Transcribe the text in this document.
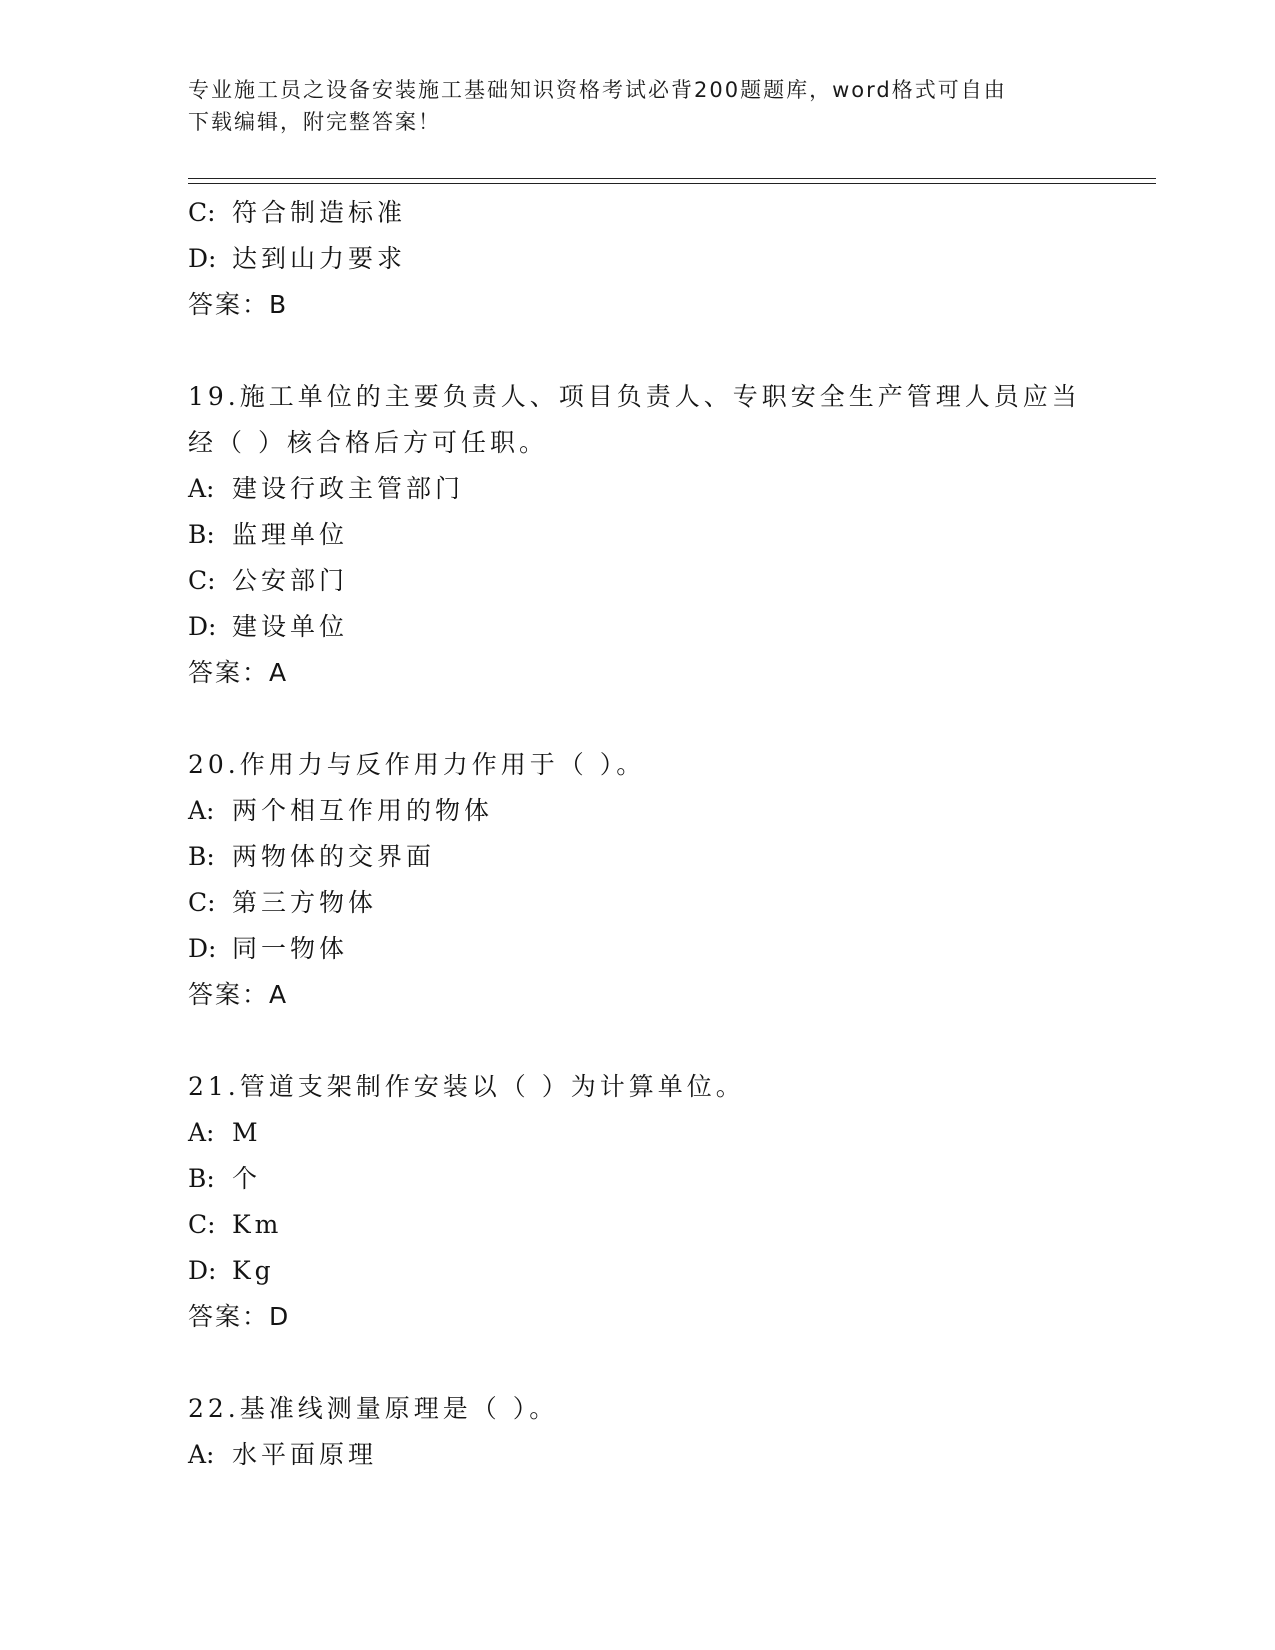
专业施工员之设备安装施工基础知识资格考试必背200题题库，word格式可自由
下载编辑，附完整答案！
C: 符合制造标准
D: 达到山力要求
答案：B
19.施工单位的主要负责人、项目负责人、专职安全生产管理人员应当
经（ ）核合格后方可任职。
A: 建设行政主管部门
B: 监理单位
C: 公安部门
D: 建设单位
答案：A
20.作用力与反作用力作用于（ ）。
A: 两个相互作用的物体
B: 两物体的交界面
C: 第三方物体
D: 同一物体
答案：A
21.管道支架制作安装以（ ）为计算单位。
A: M
B: 个
C: Km
D: Kg
答案：D
22.基准线测量原理是（ ）。
A: 水平面原理
